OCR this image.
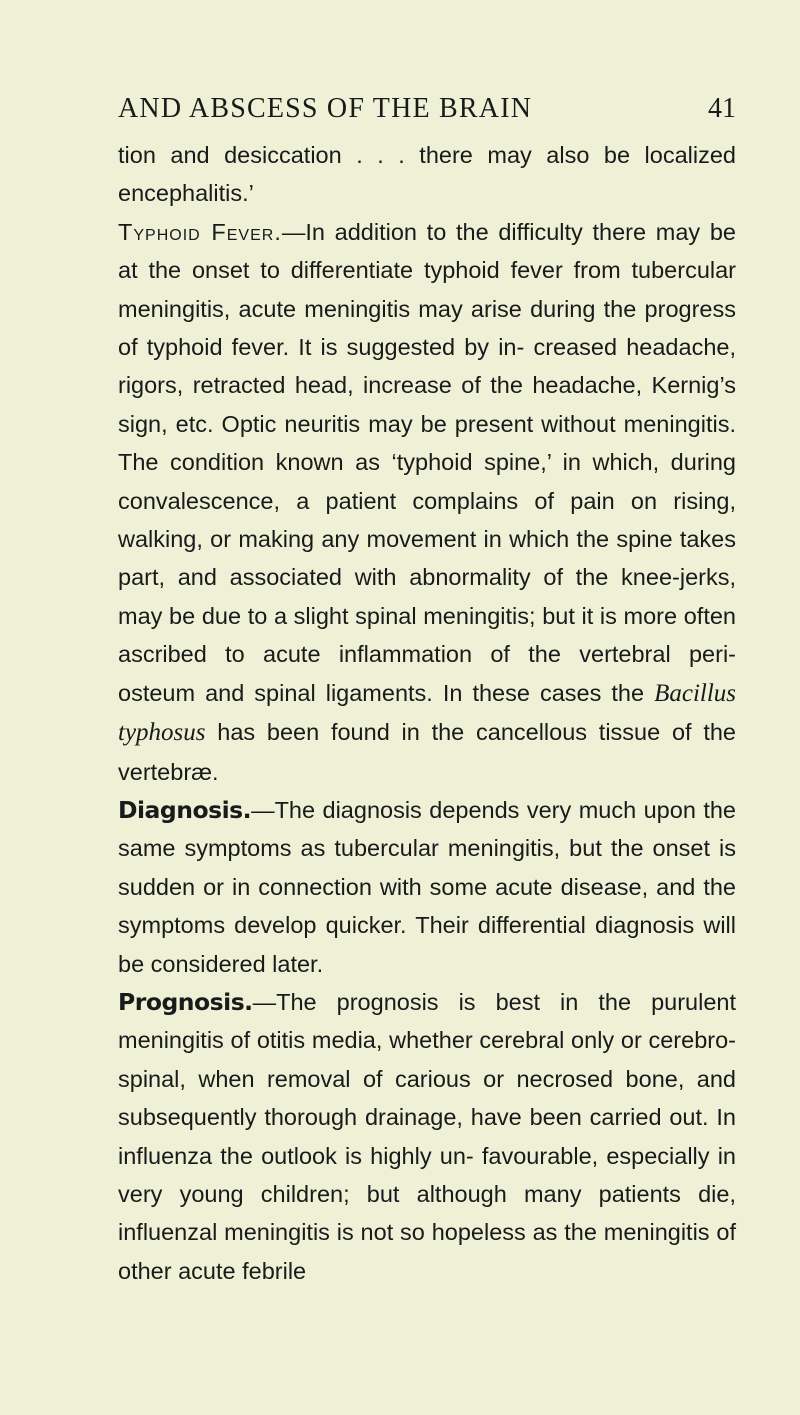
AND ABSCESS OF THE BRAIN	41

tion and desiccation . . . there may also be localized encephalitis.’

Typhoid Fever.—In addition to the difficulty there may be at the onset to differentiate typhoid fever from tubercular meningitis, acute meningitis may arise during the progress of typhoid fever. It is suggested by in- creased headache, rigors, retracted head, increase of the headache, Kernig’s sign, etc. Optic neuritis may be present without meningitis. The condition known as ‘typhoid spine,’ in which, during convalescence, a patient complains of pain on rising, walking, or making any movement in which the spine takes part, and associated with abnormality of the knee-jerks, may be due to a slight spinal meningitis; but it is more often ascribed to acute inflammation of the vertebral peri- osteum and spinal ligaments. In these cases the Bacillus typhosus has been found in the cancellous tissue of the vertebræ.

Diagnosis.—The diagnosis depends very much upon the same symptoms as tubercular meningitis, but the onset is sudden or in connection with some acute disease, and the symptoms develop quicker. Their differential diagnosis will be considered later.

Prognosis.—The prognosis is best in the purulent meningitis of otitis media, whether cerebral only or cerebro-spinal, when removal of carious or necrosed bone, and subsequently thorough drainage, have been carried out. In influenza the outlook is highly un- favourable, especially in very young children; but although many patients die, influenzal meningitis is not so hopeless as the meningitis of other acute febrile
